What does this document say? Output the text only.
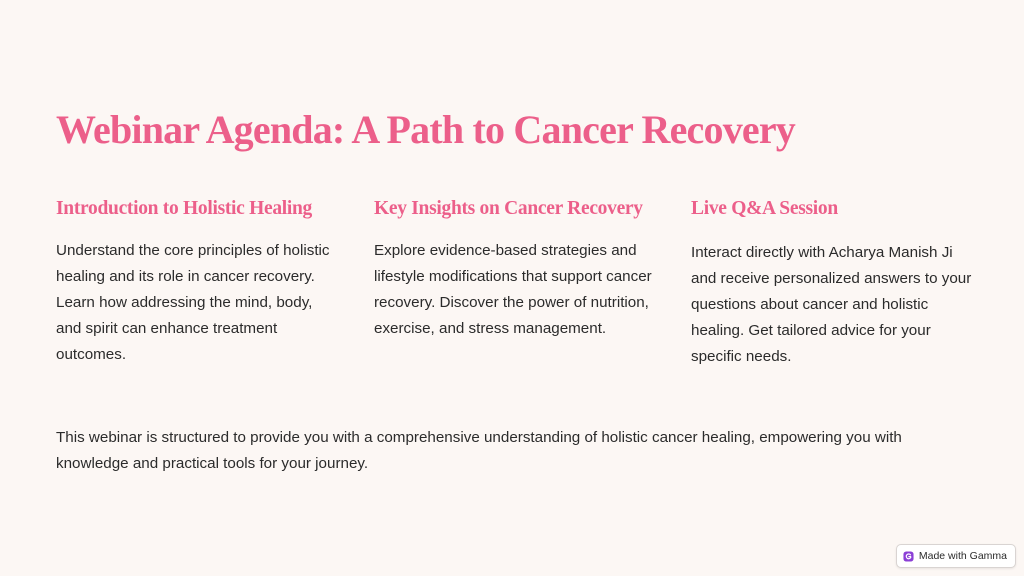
Webinar Agenda: A Path to Cancer Recovery
Introduction to Holistic Healing

Understand the core principles of holistic healing and its role in cancer recovery. Learn how addressing the mind, body, and spirit can enhance treatment outcomes.

Key Insights on Cancer Recovery

Explore evidence-based strategies and lifestyle modifications that support cancer recovery. Discover the power of nutrition, exercise, and stress management.

Live Q&A Session

Interact directly with Acharya Manish Ji and receive personalized answers to your questions about cancer and holistic healing. Get tailored advice for your specific needs.

This webinar is structured to provide you with a comprehensive understanding of holistic cancer healing, empowering you with knowledge and practical tools for your journey.

Made with Gamma
